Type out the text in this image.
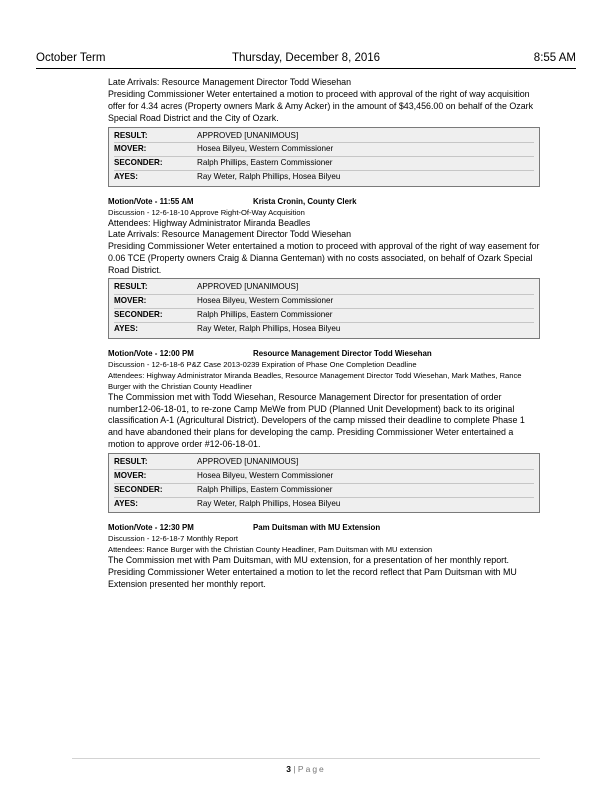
October Term	Thursday, December 8, 2016	8:55 AM

Late Arrivals: Resource Management Director Todd Wiesehan

Presiding Commissioner Weter entertained a motion to proceed with approval of the right of way acquisition offer for 4.34 acres (Property owners Mark & Amy Acker) in the amount of $43,456.00 on behalf of the Ozark Special Road District and the City of Ozark.

RESULT:	APPROVED [UNANIMOUS]
MOVER:	Hosea Bilyeu, Western Commissioner
SECONDER:	Ralph Phillips, Eastern Commissioner
AYES:	Ray Weter, Ralph Phillips, Hosea Bilyeu
Motion/Vote - 11:55 AM	Krista Cronin, County Clerk

Discussion - 12-6-18-10 Approve Right-Of-Way Acquisition

Attendees: Highway Administrator Miranda Beadles

Late Arrivals: Resource Management Director Todd Wiesehan

Presiding Commissioner Weter entertained a motion to proceed with approval of the right of way easement for 0.06 TCE (Property owners Craig & Dianna Genteman) with no costs associated, on behalf of Ozark Special Road District.

RESULT:	APPROVED [UNANIMOUS]
MOVER:	Hosea Bilyeu, Western Commissioner
SECONDER:	Ralph Phillips, Eastern Commissioner
AYES:	Ray Weter, Ralph Phillips, Hosea Bilyeu
Motion/Vote - 12:00 PM	Resource Management Director Todd Wiesehan

Discussion - 12-6-18-6 P&Z Case 2013-0239 Expiration of Phase One Completion Deadline

Attendees: Highway Administrator Miranda Beadles, Resource Management Director Todd Wiesehan, Mark Mathes, Rance Burger with the Christian County Headliner

The Commission met with Todd Wiesehan, Resource Management Director for presentation of order number12-06-18-01, to re-zone Camp MeWe from PUD (Planned Unit Development) back to its original classification A-1 (Agricultural District). Developers of the camp missed their deadline to complete Phase 1 and have abandoned their plans for developing the camp. Presiding Commissioner Weter entertained a motion to approve order #12-06-18-01.

RESULT:	APPROVED [UNANIMOUS]
MOVER:	Hosea Bilyeu, Western Commissioner
SECONDER:	Ralph Phillips, Eastern Commissioner
AYES:	Ray Weter, Ralph Phillips, Hosea Bilyeu
Motion/Vote - 12:30 PM	Pam Duitsman with MU Extension

Discussion - 12-6-18-7 Monthly Report

Attendees: Rance Burger with the Christian County Headliner, Pam Duitsman with MU extension

The Commission met with Pam Duitsman, with MU extension, for a presentation of her monthly report. Presiding Commissioner Weter entertained a motion to let the record reflect that Pam Duitsman with MU Extension presented her monthly report.

3 | Page
